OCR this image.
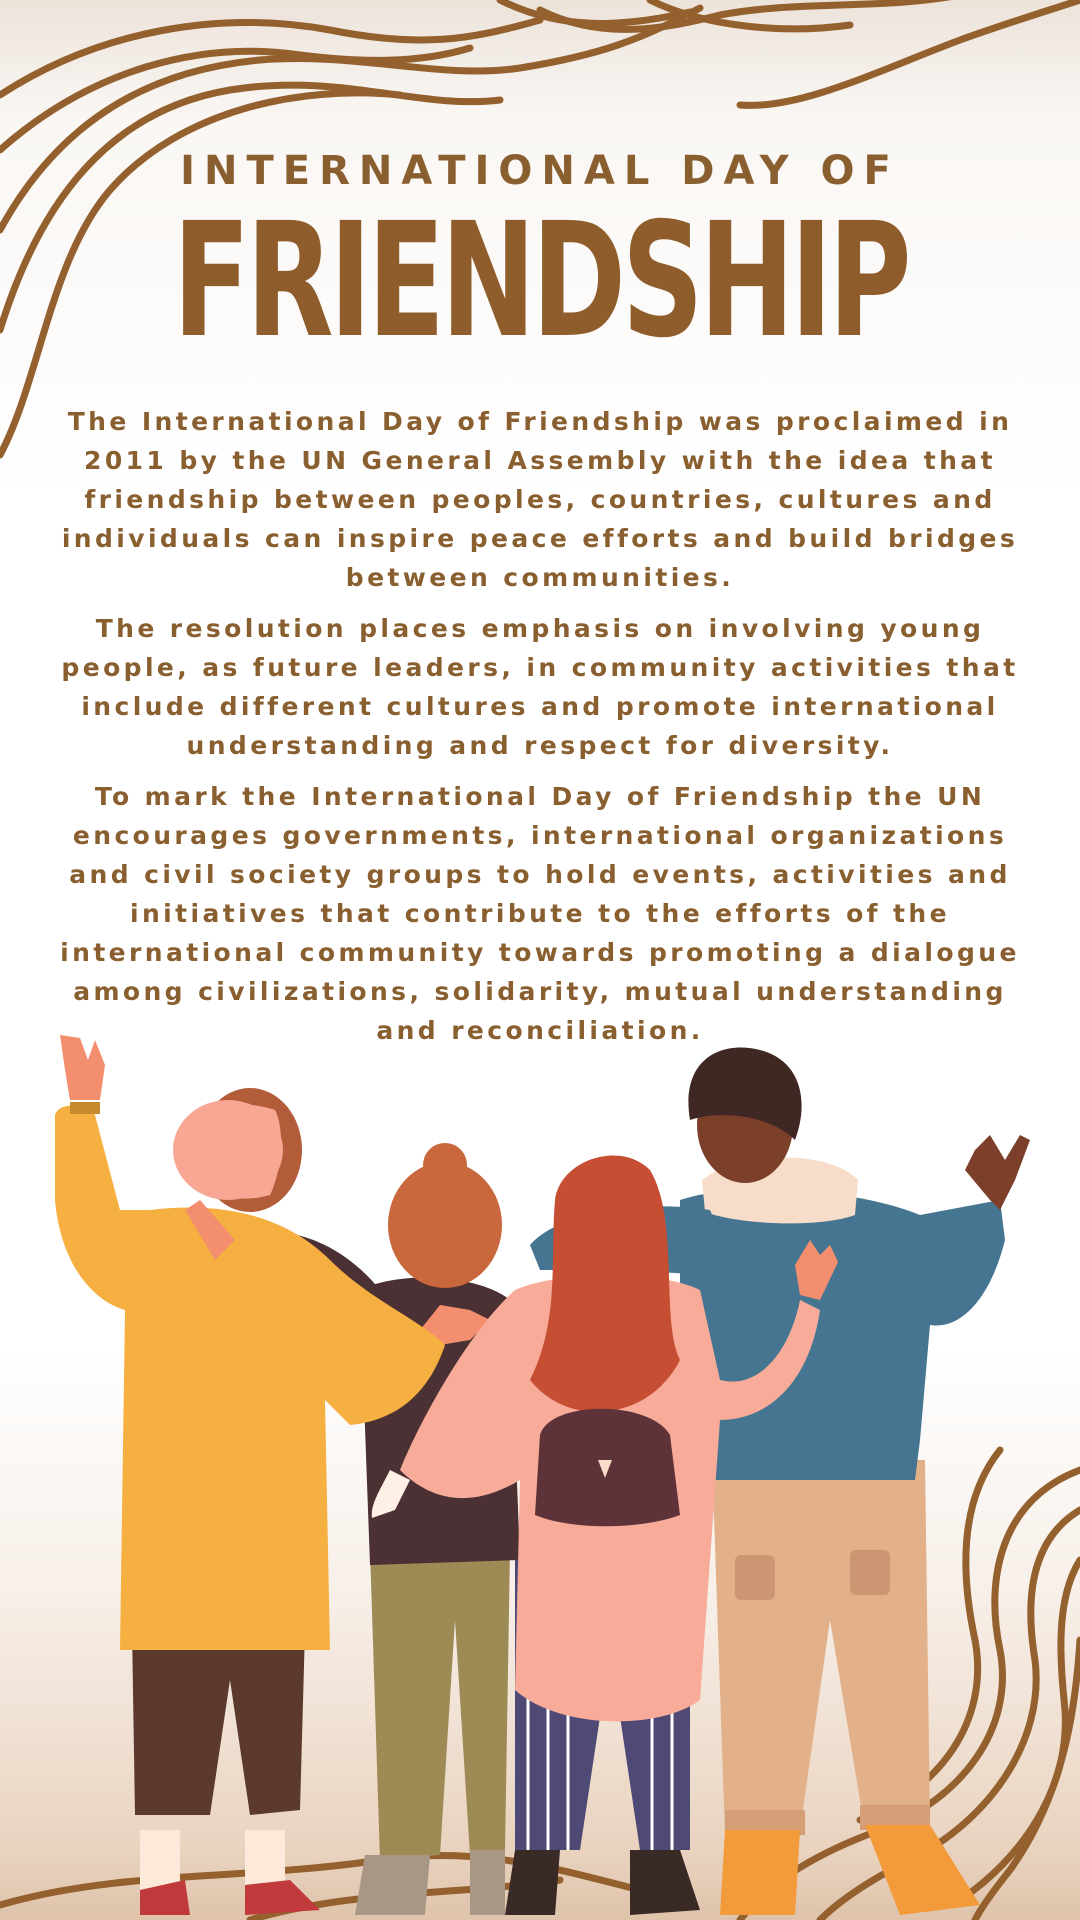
INTERNATIONAL DAY OF
FRIENDSHIP

The International Day of Friendship was proclaimed in 2011 by the UN General Assembly with the idea that friendship between peoples, countries, cultures and individuals can inspire peace efforts and build bridges between communities.

The resolution places emphasis on involving young people, as future leaders, in community activities that include different cultures and promote international understanding and respect for diversity.

To mark the International Day of Friendship the UN encourages governments, international organizations and civil society groups to hold events, activities and initiatives that contribute to the efforts of the international community towards promoting a dialogue among civilizations, solidarity, mutual understanding and reconciliation.
